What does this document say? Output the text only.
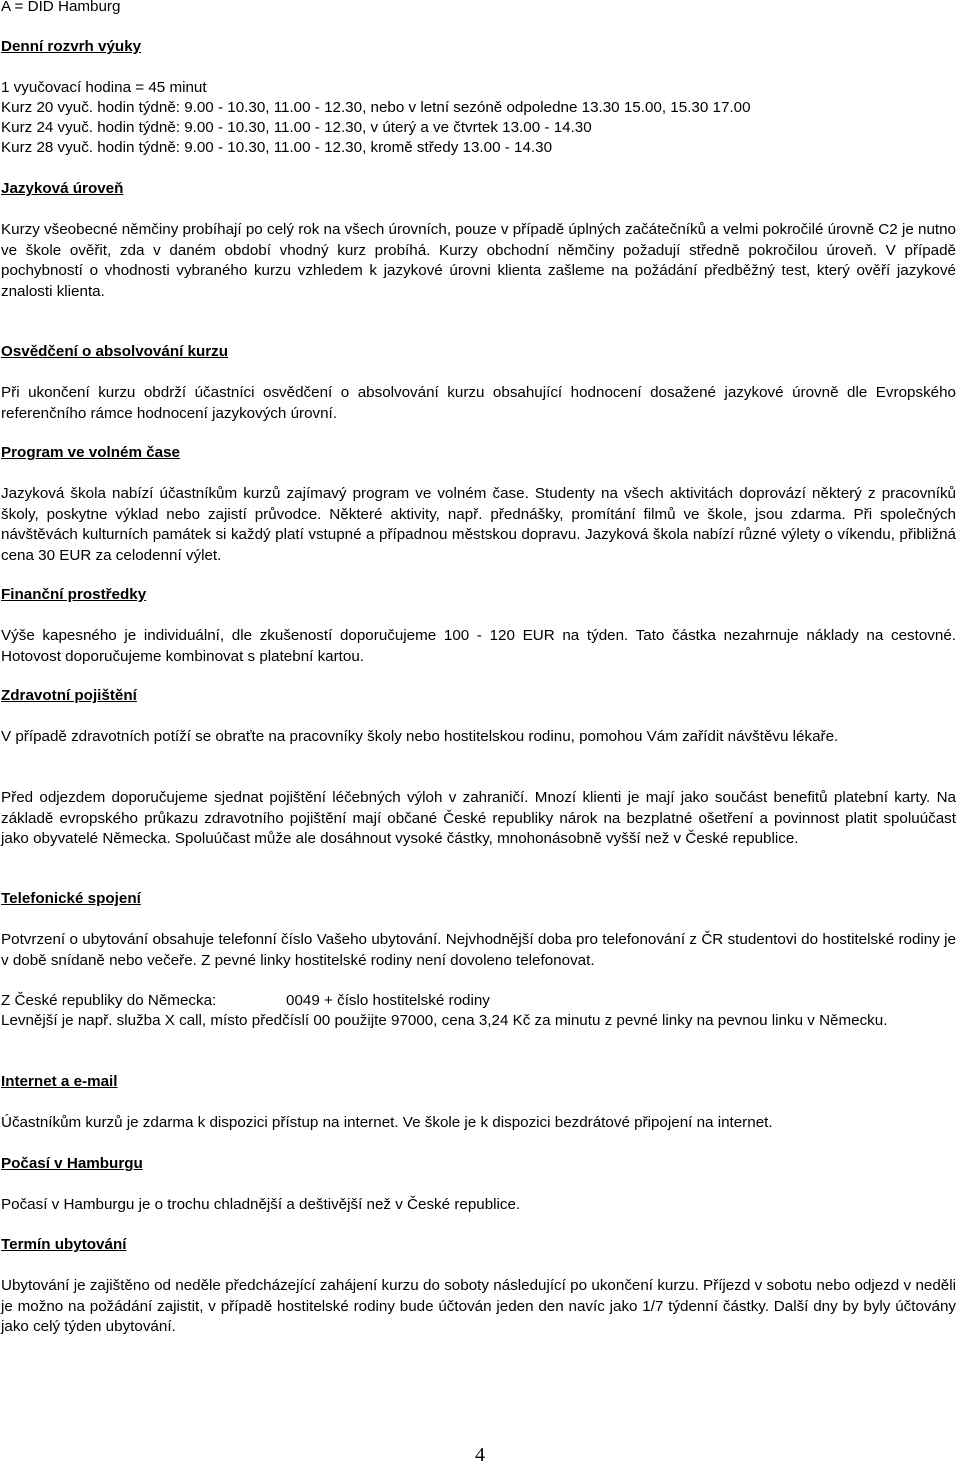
A = DID Hamburg
Denní rozvrh výuky
1 vyučovací hodina = 45 minut
Kurz 20 vyuč. hodin týdně: 9.00 - 10.30, 11.00 - 12.30, nebo v letní sezóně odpoledne 13.30 15.00, 15.30 17.00
Kurz 24 vyuč. hodin týdně: 9.00 - 10.30, 11.00 - 12.30, v úterý a ve čtvrtek 13.00 - 14.30
Kurz 28 vyuč. hodin týdně: 9.00 - 10.30, 11.00 - 12.30, kromě středy 13.00 - 14.30
Jazyková úroveň
Kurzy všeobecné němčiny probíhají po celý rok na všech úrovních, pouze v případě úplných začátečníků a velmi pokročilé úrovně C2 je nutno ve škole ověřit, zda v daném období vhodný kurz probíhá. Kurzy obchodní němčiny požadují středně pokročilou úroveň. V případě pochybností o vhodnosti vybraného kurzu vzhledem k jazykové úrovni klienta zašleme na požádání předběžný test, který ověří jazykové znalosti klienta.
Osvědčení o absolvování kurzu
Při ukončení kurzu obdrží účastníci osvědčení o absolvování kurzu obsahující hodnocení dosažené jazykové úrovně dle Evropského referenčního rámce hodnocení jazykových úrovní.
Program ve volném čase
Jazyková škola nabízí účastníkům kurzů zajímavý program ve volném čase. Studenty na všech aktivitách doprovází některý z pracovníků školy, poskytne výklad nebo zajistí průvodce. Některé aktivity, např. přednášky, promítání filmů ve škole, jsou zdarma. Při společných návštěvách kulturních památek si každý platí vstupné a případnou městskou dopravu. Jazyková škola nabízí různé výlety o víkendu, přibližná cena 30 EUR za celodenní výlet.
Finanční prostředky
Výše kapesného je individuální, dle zkušeností doporučujeme 100 - 120 EUR na týden. Tato částka nezahrnuje náklady na cestovné. Hotovost doporučujeme kombinovat s platební kartou.
Zdravotní pojištění
V případě zdravotních potíží se obraťte na pracovníky školy nebo hostitelskou rodinu, pomohou Vám zařídit návštěvu lékaře.
Před odjezdem doporučujeme sjednat pojištění léčebných výloh v zahraničí. Mnozí klienti je mají jako součást benefitů platební karty. Na základě evropského průkazu zdravotního pojištění mají občané České republiky nárok na bezplatné ošetření a povinnost platit spoluúčast jako obyvatelé Německa. Spoluúčast může ale dosáhnout vysoké částky, mnohonásobně vyšší než v České republice.
Telefonické spojení
Potvrzení o ubytování obsahuje telefonní číslo Vašeho ubytování. Nejvhodnější doba pro telefonování z ČR studentovi do hostitelské rodiny je v době snídaně nebo večeře. Z pevné linky hostitelské rodiny není dovoleno telefonovat.
Z České republiky do Německa:	0049 + číslo hostitelské rodiny
Levnější je např. služba X call, místo předčíslí 00 použijte 97000, cena 3,24 Kč za minutu z pevné linky na pevnou linku v Německu.
Internet a e-mail
Účastníkům kurzů je zdarma k dispozici přístup na internet. Ve škole je k dispozici bezdrátové připojení na internet.
Počasí v Hamburgu
Počasí v Hamburgu je o trochu chladnější a deštivější než v České republice.
Termín ubytování
Ubytování je zajištěno od neděle předcházející zahájení kurzu do soboty následující po ukončení kurzu. Příjezd v sobotu nebo odjezd v neděli je možno na požádání zajistit, v případě hostitelské rodiny bude účtován jeden den navíc jako 1/7 týdenní částky. Další dny by byly účtovány jako celý týden ubytování.
4
